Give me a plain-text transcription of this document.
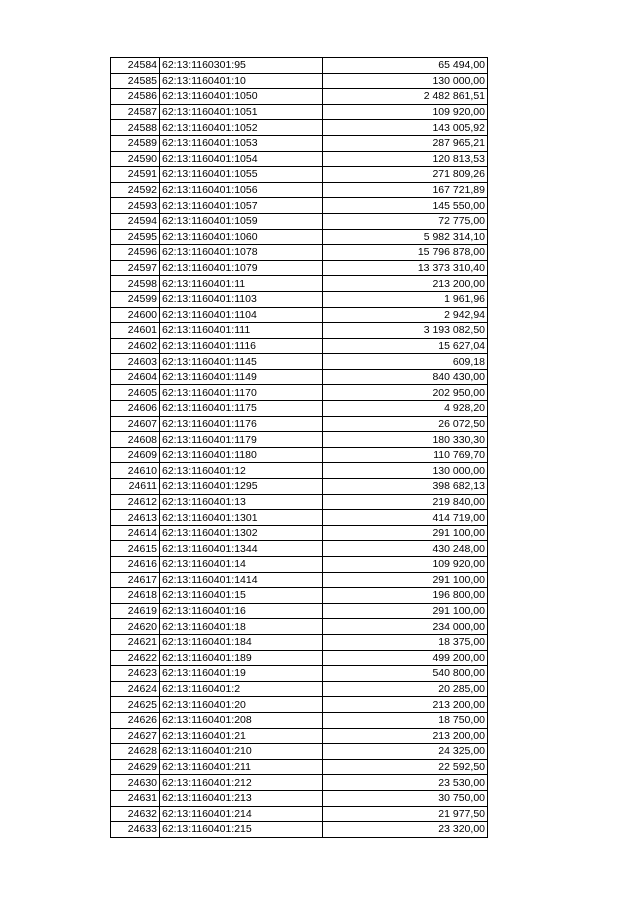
24584	62:13:1160301:95	65 494,00
24585	62:13:1160401:10	130 000,00
24586	62:13:1160401:1050	2 482 861,51
24587	62:13:1160401:1051	109 920,00
24588	62:13:1160401:1052	143 005,92
24589	62:13:1160401:1053	287 965,21
24590	62:13:1160401:1054	120 813,53
24591	62:13:1160401:1055	271 809,26
24592	62:13:1160401:1056	167 721,89
24593	62:13:1160401:1057	145 550,00
24594	62:13:1160401:1059	72 775,00
24595	62:13:1160401:1060	5 982 314,10
24596	62:13:1160401:1078	15 796 878,00
24597	62:13:1160401:1079	13 373 310,40
24598	62:13:1160401:11	213 200,00
24599	62:13:1160401:1103	1 961,96
24600	62:13:1160401:1104	2 942,94
24601	62:13:1160401:111	3 193 082,50
24602	62:13:1160401:1116	15 627,04
24603	62:13:1160401:1145	609,18
24604	62:13:1160401:1149	840 430,00
24605	62:13:1160401:1170	202 950,00
24606	62:13:1160401:1175	4 928,20
24607	62:13:1160401:1176	26 072,50
24608	62:13:1160401:1179	180 330,30
24609	62:13:1160401:1180	110 769,70
24610	62:13:1160401:12	130 000,00
24611	62:13:1160401:1295	398 682,13
24612	62:13:1160401:13	219 840,00
24613	62:13:1160401:1301	414 719,00
24614	62:13:1160401:1302	291 100,00
24615	62:13:1160401:1344	430 248,00
24616	62:13:1160401:14	109 920,00
24617	62:13:1160401:1414	291 100,00
24618	62:13:1160401:15	196 800,00
24619	62:13:1160401:16	291 100,00
24620	62:13:1160401:18	234 000,00
24621	62:13:1160401:184	18 375,00
24622	62:13:1160401:189	499 200,00
24623	62:13:1160401:19	540 800,00
24624	62:13:1160401:2	20 285,00
24625	62:13:1160401:20	213 200,00
24626	62:13:1160401:208	18 750,00
24627	62:13:1160401:21	213 200,00
24628	62:13:1160401:210	24 325,00
24629	62:13:1160401:211	22 592,50
24630	62:13:1160401:212	23 530,00
24631	62:13:1160401:213	30 750,00
24632	62:13:1160401:214	21 977,50
24633	62:13:1160401:215	23 320,00
